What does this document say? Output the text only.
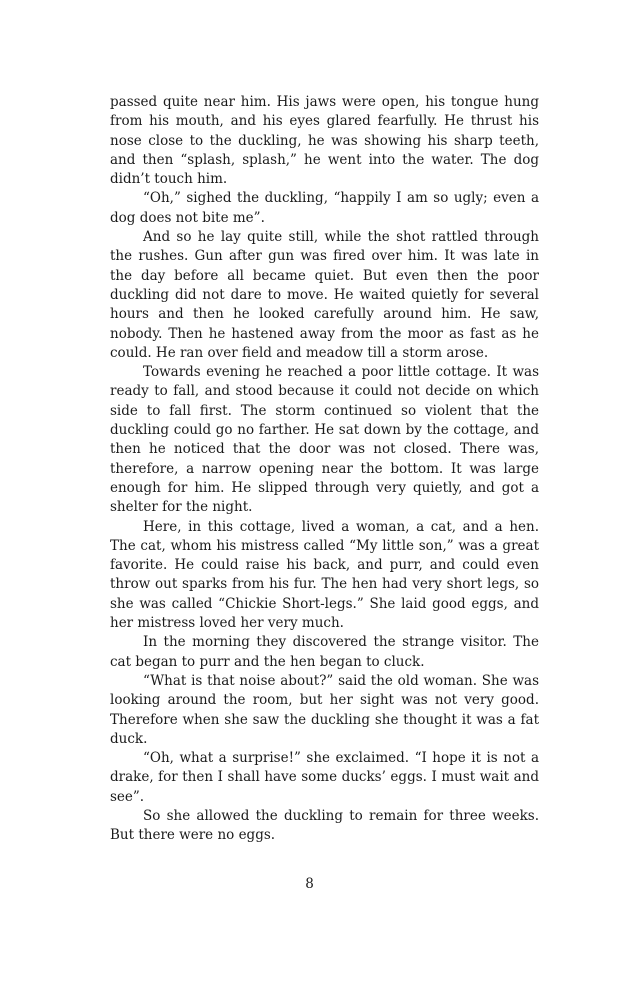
passed quite near him. His jaws were open, his tongue hung from his mouth, and his eyes glared fearfully. He thrust his nose close to the duckling, he was showing his sharp teeth, and then “splash, splash,” he went into the water. The dog didn’t touch him.

“Oh,” sighed the duckling, “happily I am so ugly; even a dog does not bite me”.

And so he lay quite still, while the shot rattled through the rushes. Gun after gun was fired over him. It was late in the day before all became quiet. But even then the poor duckling did not dare to move. He waited quietly for several hours and then he looked carefully around him. He saw, nobody. Then he hastened away from the moor as fast as he could. He ran over field and meadow till a storm arose.

Towards evening he reached a poor little cottage. It was ready to fall, and stood because it could not decide on which side to fall first. The storm continued so violent that the duckling could go no farther. He sat down by the cottage, and then he noticed that the door was not closed. There was, therefore, a narrow opening near the bottom. It was large enough for him. He slipped through very quietly, and got a shelter for the night.

Here, in this cottage, lived a woman, a cat, and a hen. The cat, whom his mistress called “My little son,” was a great favorite. He could raise his back, and purr, and could even throw out sparks from his fur. The hen had very short legs, so she was called “Chickie Short-legs.” She laid good eggs, and her mistress loved her very much.

In the morning they discovered the strange visitor. The cat began to purr and the hen began to cluck.

“What is that noise about?” said the old woman. She was looking around the room, but her sight was not very good. Therefore when she saw the duckling she thought it was a fat duck.

“Oh, what a surprise!” she exclaimed. “I hope it is not a drake, for then I shall have some ducks’ eggs. I must wait and see”.

So she allowed the duckling to remain for three weeks. But there were no eggs.

8
